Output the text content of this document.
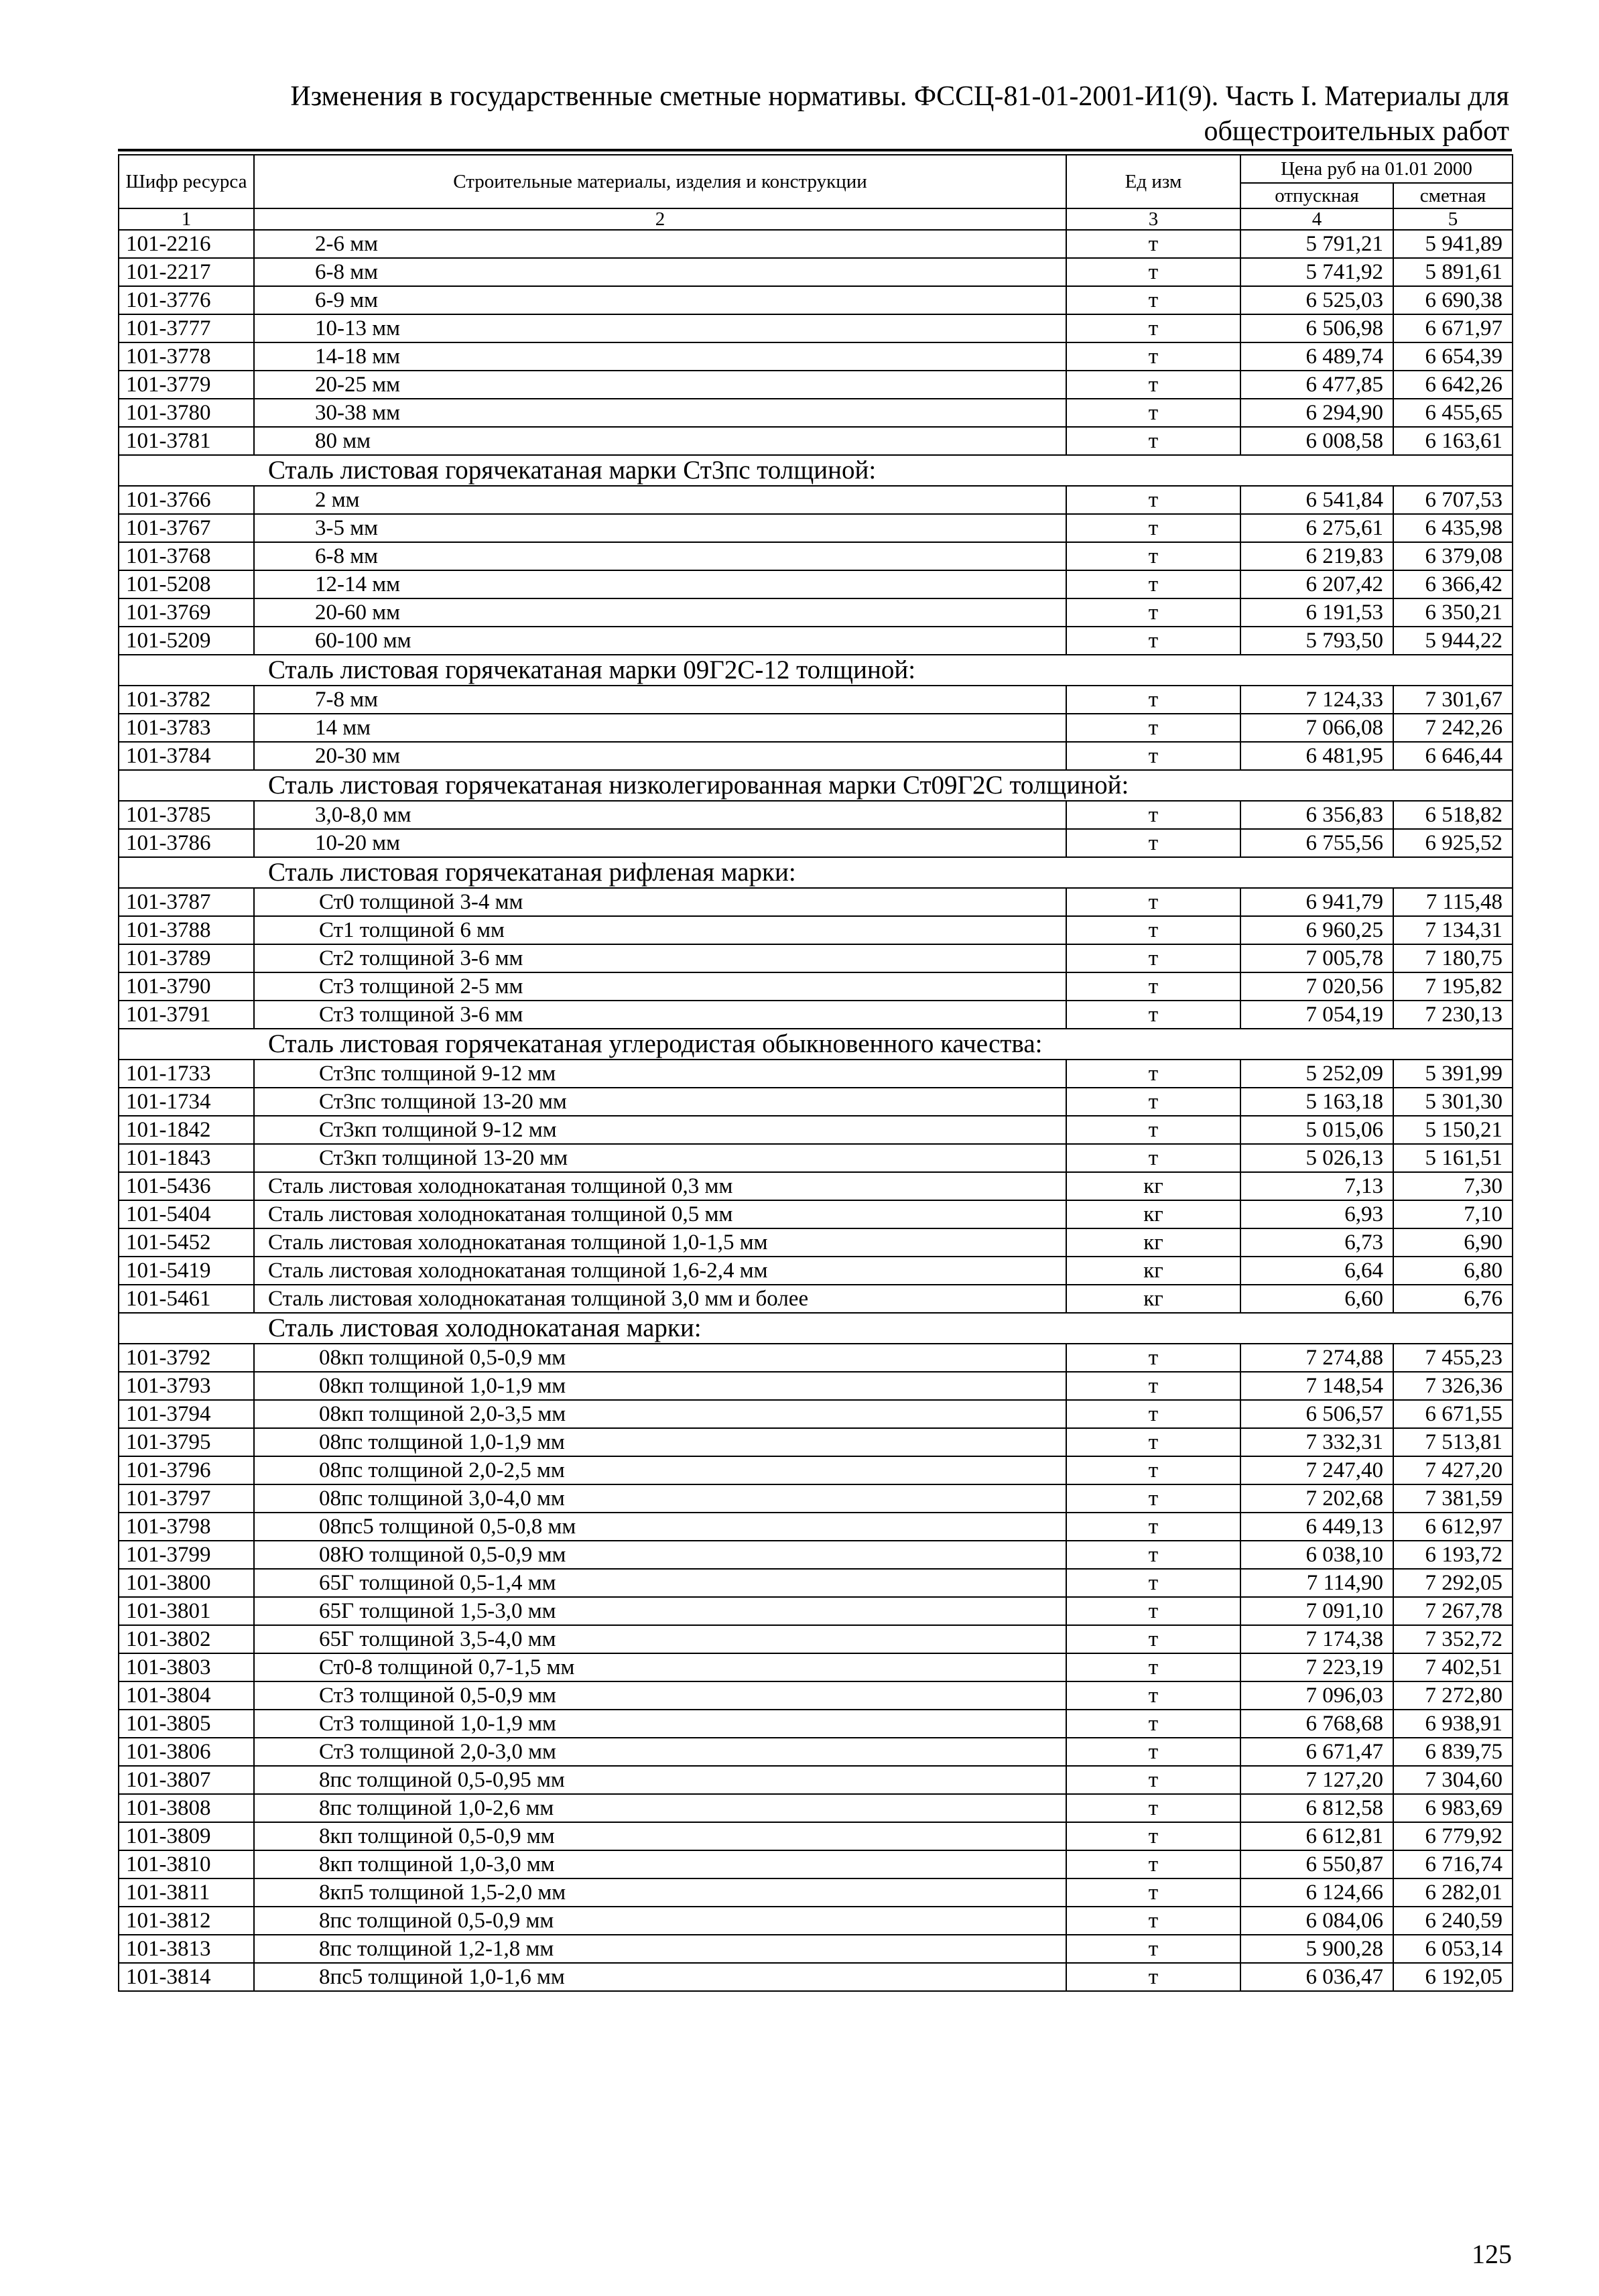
Изменения в государственные сметные нормативы. ФССЦ-81-01-2001-И1(9). Часть I. Материалы для
общестроительных работ
Шифр ресурса	Строительные материалы, изделия и конструкции	Ед изм	Цена руб на 01.01 2000	
			отпускная	сметная
1	2	3	4	5
101-2216	2-6 мм	т	5 791,21	5 941,89
101-2217	6-8 мм	т	5 741,92	5 891,61
101-3776	6-9 мм	т	6 525,03	6 690,38
101-3777	10-13 мм	т	6 506,98	6 671,97
101-3778	14-18 мм	т	6 489,74	6 654,39
101-3779	20-25 мм	т	6 477,85	6 642,26
101-3780	30-38 мм	т	6 294,90	6 455,65
101-3781	80 мм	т	6 008,58	6 163,61
Сталь листовая горячекатаная марки Ст3пс толщиной:				
101-3766	2 мм	т	6 541,84	6 707,53
101-3767	3-5 мм	т	6 275,61	6 435,98
101-3768	6-8 мм	т	6 219,83	6 379,08
101-5208	12-14 мм	т	6 207,42	6 366,42
101-3769	20-60 мм	т	6 191,53	6 350,21
101-5209	60-100 мм	т	5 793,50	5 944,22
Сталь листовая горячекатаная марки 09Г2С-12 толщиной:				
101-3782	7-8 мм	т	7 124,33	7 301,67
101-3783	14 мм	т	7 066,08	7 242,26
101-3784	20-30 мм	т	6 481,95	6 646,44
Сталь листовая горячекатаная низколегированная марки Ст09Г2С толщиной:				
101-3785	3,0-8,0 мм	т	6 356,83	6 518,82
101-3786	10-20 мм	т	6 755,56	6 925,52
Сталь листовая горячекатаная рифленая марки:				
101-3787	Ст0 толщиной 3-4 мм	т	6 941,79	7 115,48
101-3788	Ст1 толщиной 6 мм	т	6 960,25	7 134,31
101-3789	Ст2 толщиной 3-6 мм	т	7 005,78	7 180,75
101-3790	Ст3 толщиной 2-5 мм	т	7 020,56	7 195,82
101-3791	Ст3 толщиной 3-6 мм	т	7 054,19	7 230,13
Сталь листовая горячекатаная углеродистая обыкновенного качества:				
101-1733	Ст3пс толщиной 9-12 мм	т	5 252,09	5 391,99
101-1734	Ст3пс толщиной 13-20 мм	т	5 163,18	5 301,30
101-1842	Ст3кп толщиной 9-12 мм	т	5 015,06	5 150,21
101-1843	Ст3кп толщиной 13-20 мм	т	5 026,13	5 161,51
101-5436	Сталь листовая холоднокатаная толщиной 0,3 мм	кг	7,13	7,30
101-5404	Сталь листовая холоднокатаная толщиной 0,5 мм	кг	6,93	7,10
101-5452	Сталь листовая холоднокатаная толщиной 1,0-1,5 мм	кг	6,73	6,90
101-5419	Сталь листовая холоднокатаная толщиной 1,6-2,4 мм	кг	6,64	6,80
101-5461	Сталь листовая холоднокатаная толщиной 3,0 мм и более	кг	6,60	6,76
Сталь листовая холоднокатаная марки:				
101-3792	08кп толщиной 0,5-0,9 мм	т	7 274,88	7 455,23
101-3793	08кп толщиной 1,0-1,9 мм	т	7 148,54	7 326,36
101-3794	08кп толщиной 2,0-3,5 мм	т	6 506,57	6 671,55
101-3795	08пс толщиной 1,0-1,9 мм	т	7 332,31	7 513,81
101-3796	08пс толщиной 2,0-2,5 мм	т	7 247,40	7 427,20
101-3797	08пс толщиной 3,0-4,0 мм	т	7 202,68	7 381,59
101-3798	08пс5 толщиной 0,5-0,8 мм	т	6 449,13	6 612,97
101-3799	08Ю толщиной 0,5-0,9 мм	т	6 038,10	6 193,72
101-3800	65Г толщиной 0,5-1,4 мм	т	7 114,90	7 292,05
101-3801	65Г толщиной 1,5-3,0 мм	т	7 091,10	7 267,78
101-3802	65Г толщиной 3,5-4,0 мм	т	7 174,38	7 352,72
101-3803	Ст0-8 толщиной 0,7-1,5 мм	т	7 223,19	7 402,51
101-3804	Ст3 толщиной 0,5-0,9 мм	т	7 096,03	7 272,80
101-3805	Ст3 толщиной 1,0-1,9 мм	т	6 768,68	6 938,91
101-3806	Ст3 толщиной 2,0-3,0 мм	т	6 671,47	6 839,75
101-3807	8пс толщиной 0,5-0,95 мм	т	7 127,20	7 304,60
101-3808	8пс толщиной 1,0-2,6 мм	т	6 812,58	6 983,69
101-3809	8кп толщиной 0,5-0,9 мм	т	6 612,81	6 779,92
101-3810	8кп толщиной 1,0-3,0 мм	т	6 550,87	6 716,74
101-3811	8кп5 толщиной 1,5-2,0 мм	т	6 124,66	6 282,01
101-3812	8пс толщиной 0,5-0,9 мм	т	6 084,06	6 240,59
101-3813	8пс толщиной 1,2-1,8 мм	т	5 900,28	6 053,14
101-3814	8пс5 толщиной 1,0-1,6 мм	т	6 036,47	6 192,05
125
